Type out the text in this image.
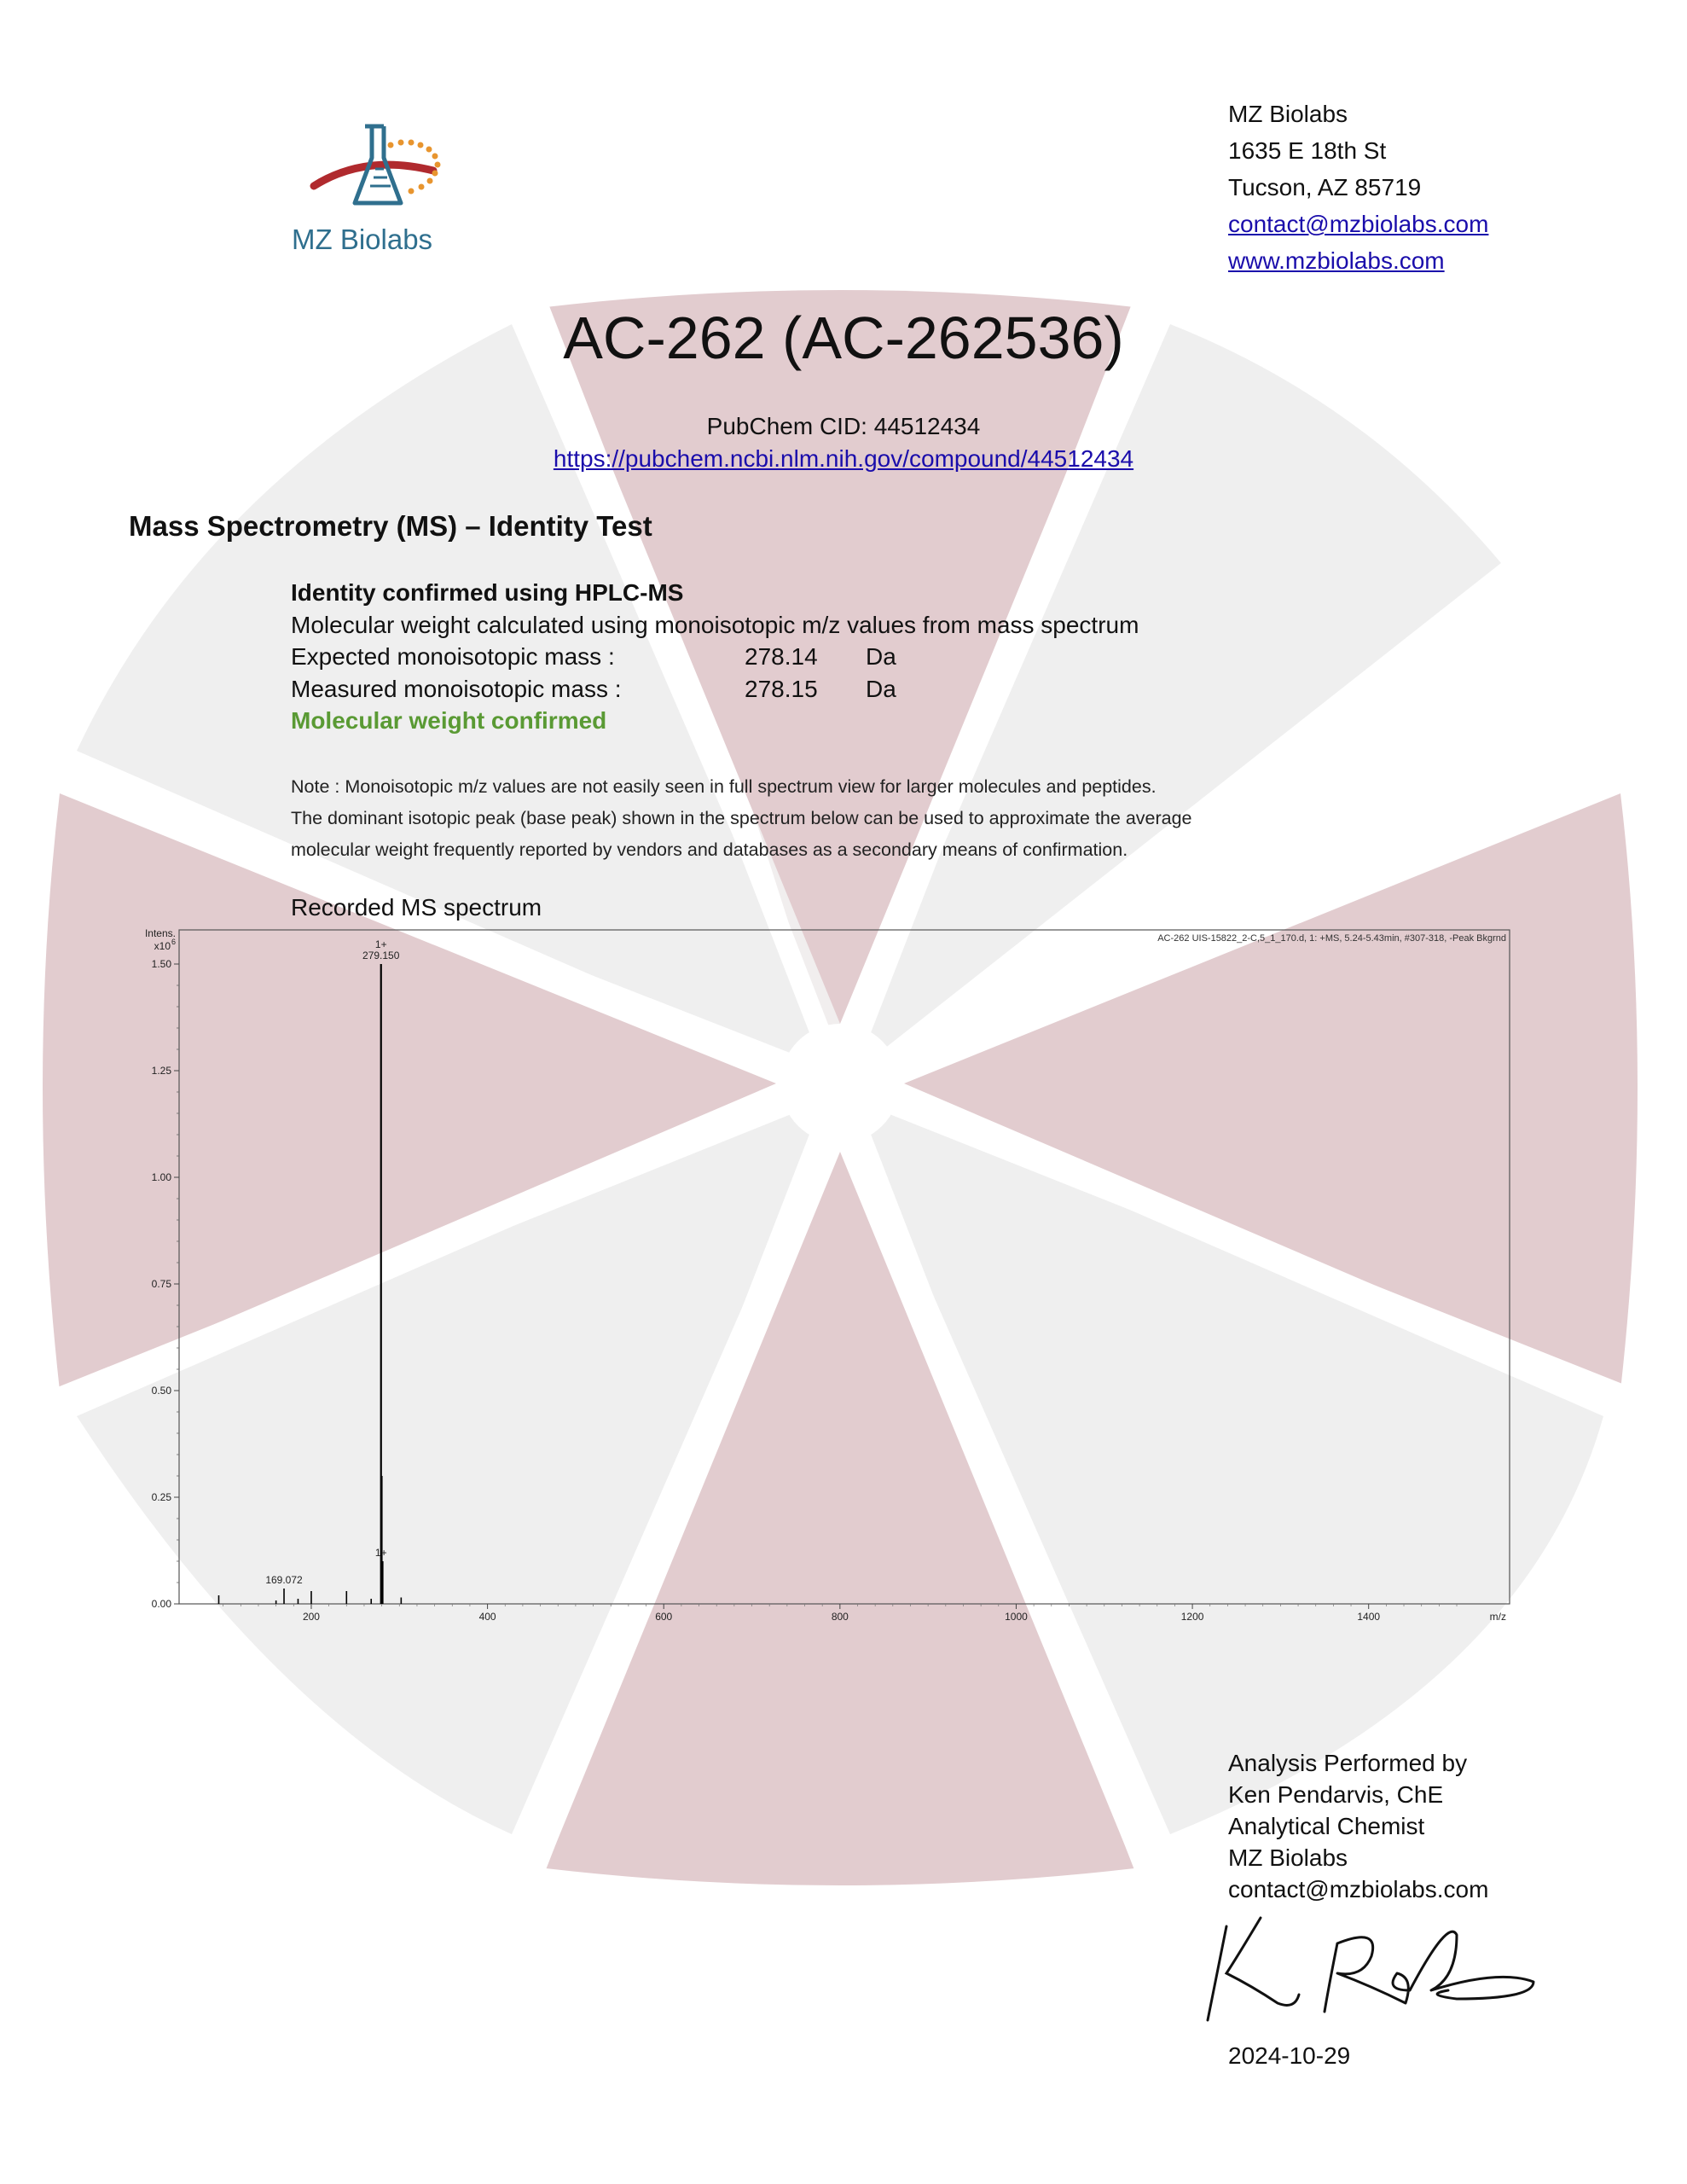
MZ Biolabs
MZ Biolabs
1635 E 18th St
Tucson, AZ 85719
contact@mzbiolabs.com
www.mzbiolabs.com
AC-262 (AC-262536)
PubChem CID: 44512434
https://pubchem.ncbi.nlm.nih.gov/compound/44512434
Mass Spectrometry (MS) – Identity Test
Identity confirmed using HPLC-MS
Molecular weight calculated using monoisotopic m/z values from mass spectrum
Expected monoisotopic mass :	278.14 Da
Measured monoisotopic mass :	278.15 Da
Molecular weight confirmed
Note : Monoisotopic m/z values are not easily seen in full spectrum view for larger molecules and peptides.
The dominant isotopic peak (base peak) shown in the spectrum below can be used to approximate the average
molecular weight frequently reported by vendors and databases as a secondary means of confirmation.
Recorded MS spectrum
AC-262 UIS-15822_2-C,5_1_170.d, 1: +MS, 5.24-5.43min, #307-318, -Peak Bkgrnd
Intens.
x10 6
0.00
0.25
0.50
0.75
1.00
1.25
1.50
200	400	600	800	1000	1200	1400	m/z
1+
279.150
169.072
1+
Analysis Performed by
Ken Pendarvis, ChE
Analytical Chemist
MZ Biolabs
contact@mzbiolabs.com
2024-10-29
